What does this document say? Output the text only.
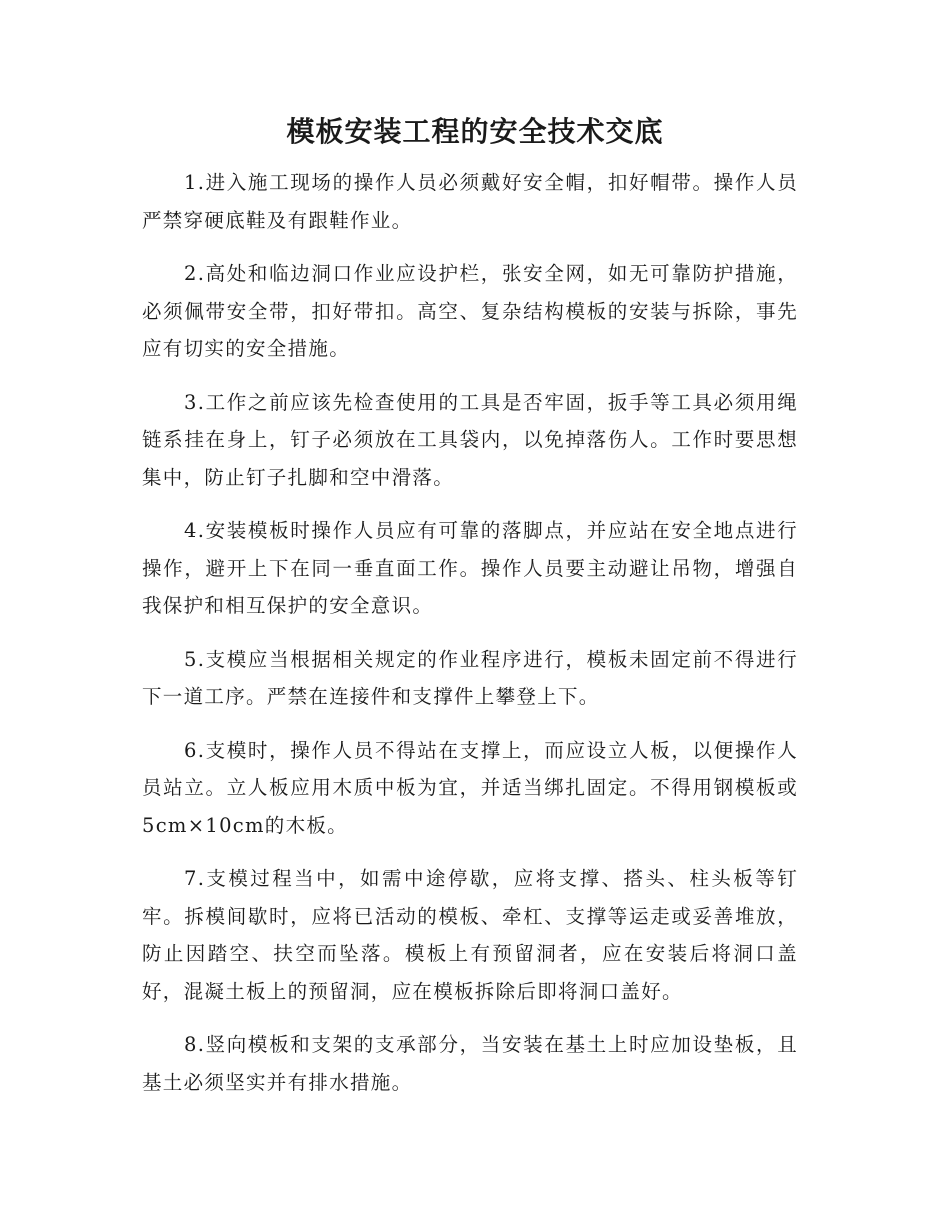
模板安装工程的安全技术交底

1.进入施工现场的操作人员必须戴好安全帽，扣好帽带。操作人员严禁穿硬底鞋及有跟鞋作业。

2.高处和临边洞口作业应设护栏，张安全网，如无可靠防护措施，必须佩带安全带，扣好带扣。高空、复杂结构模板的安装与拆除，事先应有切实的安全措施。

3.工作之前应该先检查使用的工具是否牢固，扳手等工具必须用绳链系挂在身上，钉子必须放在工具袋内，以免掉落伤人。工作时要思想集中，防止钉子扎脚和空中滑落。

4.安装模板时操作人员应有可靠的落脚点，并应站在安全地点进行操作，避开上下在同一垂直面工作。操作人员要主动避让吊物，增强自我保护和相互保护的安全意识。

5.支模应当根据相关规定的作业程序进行，模板未固定前不得进行下一道工序。严禁在连接件和支撑件上攀登上下。

6.支模时，操作人员不得站在支撑上，而应设立人板，以便操作人员站立。立人板应用木质中板为宜，并适当绑扎固定。不得用钢模板或5cm×10cm的木板。

7.支模过程当中，如需中途停歇，应将支撑、搭头、柱头板等钉牢。拆模间歇时，应将已活动的模板、牵杠、支撑等运走或妥善堆放，防止因踏空、扶空而坠落。模板上有预留洞者，应在安装后将洞口盖好，混凝土板上的预留洞，应在模板拆除后即将洞口盖好。

8.竖向模板和支架的支承部分，当安装在基土上时应加设垫板，且基土必须坚实并有排水措施。
